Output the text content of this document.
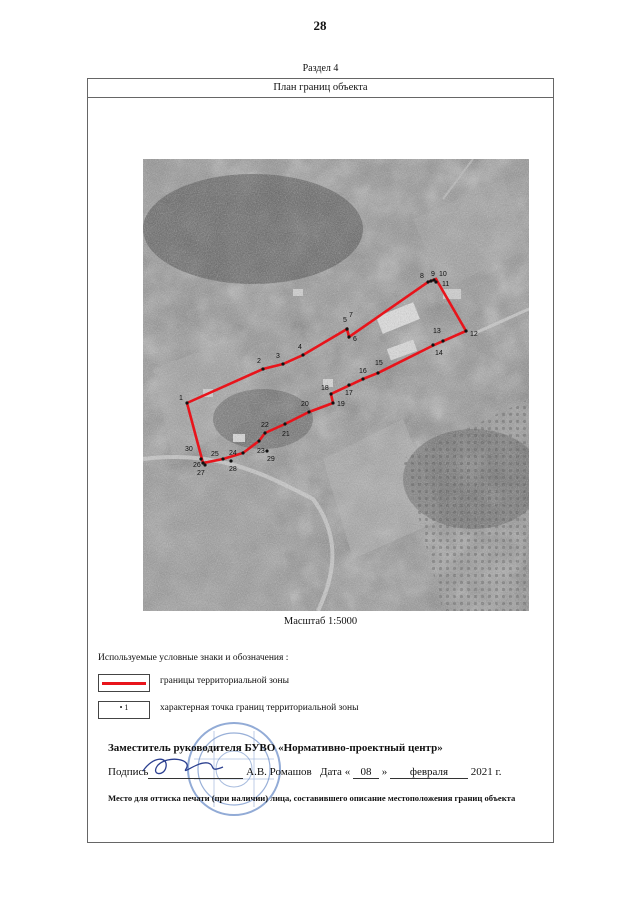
28
Раздел 4
План границ объекта
1
2
3
4
5
6
7
8 9 10
11
12
13
14
15
16
17
18
19
20
21
22
23
24
25
26
27
28
29
30
Масштаб 1:5000
Используемые условные знаки и обозначения :
границы территориальной зоны
• 1	характерная точка границ территориальной зоны
Заместитель руководителя БУВО «Нормативно-проектный центр»
Подпись	А.В. Ромашов Дата « 08 » февраля 2021 г.
Место для оттиска печати (при наличии) лица, составившего описание местоположения границ объекта
